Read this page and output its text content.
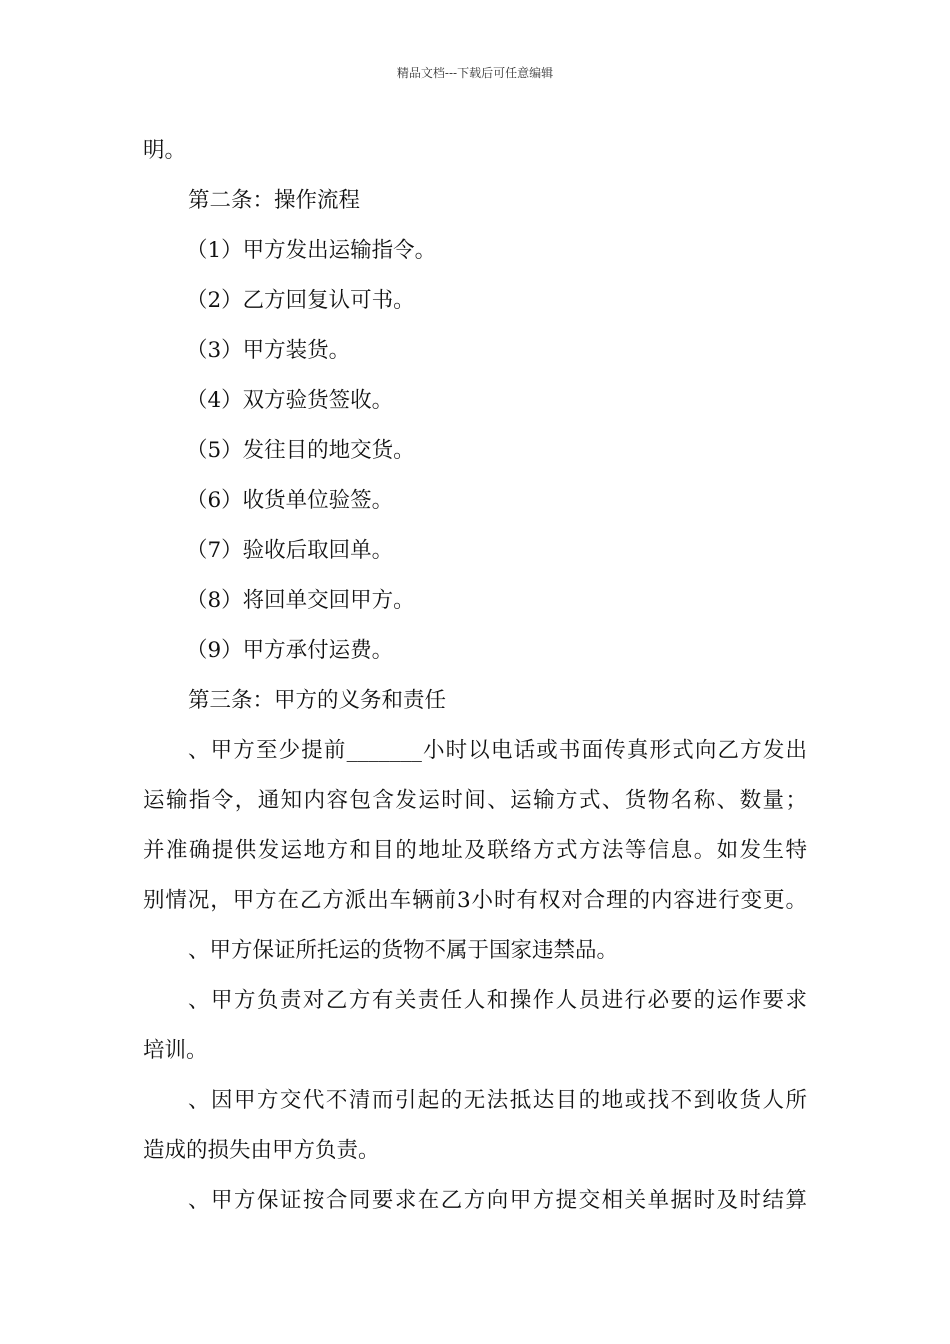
精品文档---下载后可任意编辑
明。
第二条：操作流程
（1）甲方发出运输指令。
（2）乙方回复认可书。
（3）甲方装货。
（4）双方验货签收。
（5）发往目的地交货。
（6）收货单位验签。
（7）验收后取回单。
（8）将回单交回甲方。
（9）甲方承付运费。
第三条：甲方的义务和责任
、甲方至少提前_______小时以电话或书面传真形式向乙方发出
运输指令，通知内容包含发运时间、运输方式、货物名称、数量；
并准确提供发运地方和目的地址及联络方式方法等信息。如发生特
别情况，甲方在乙方派出车辆前3小时有权对合理的内容进行变更。
、甲方保证所托运的货物不属于国家违禁品。
、甲方负责对乙方有关责任人和操作人员进行必要的运作要求
培训。
、因甲方交代不清而引起的无法抵达目的地或找不到收货人所
造成的损失由甲方负责。
、甲方保证按合同要求在乙方向甲方提交相关单据时及时结算
